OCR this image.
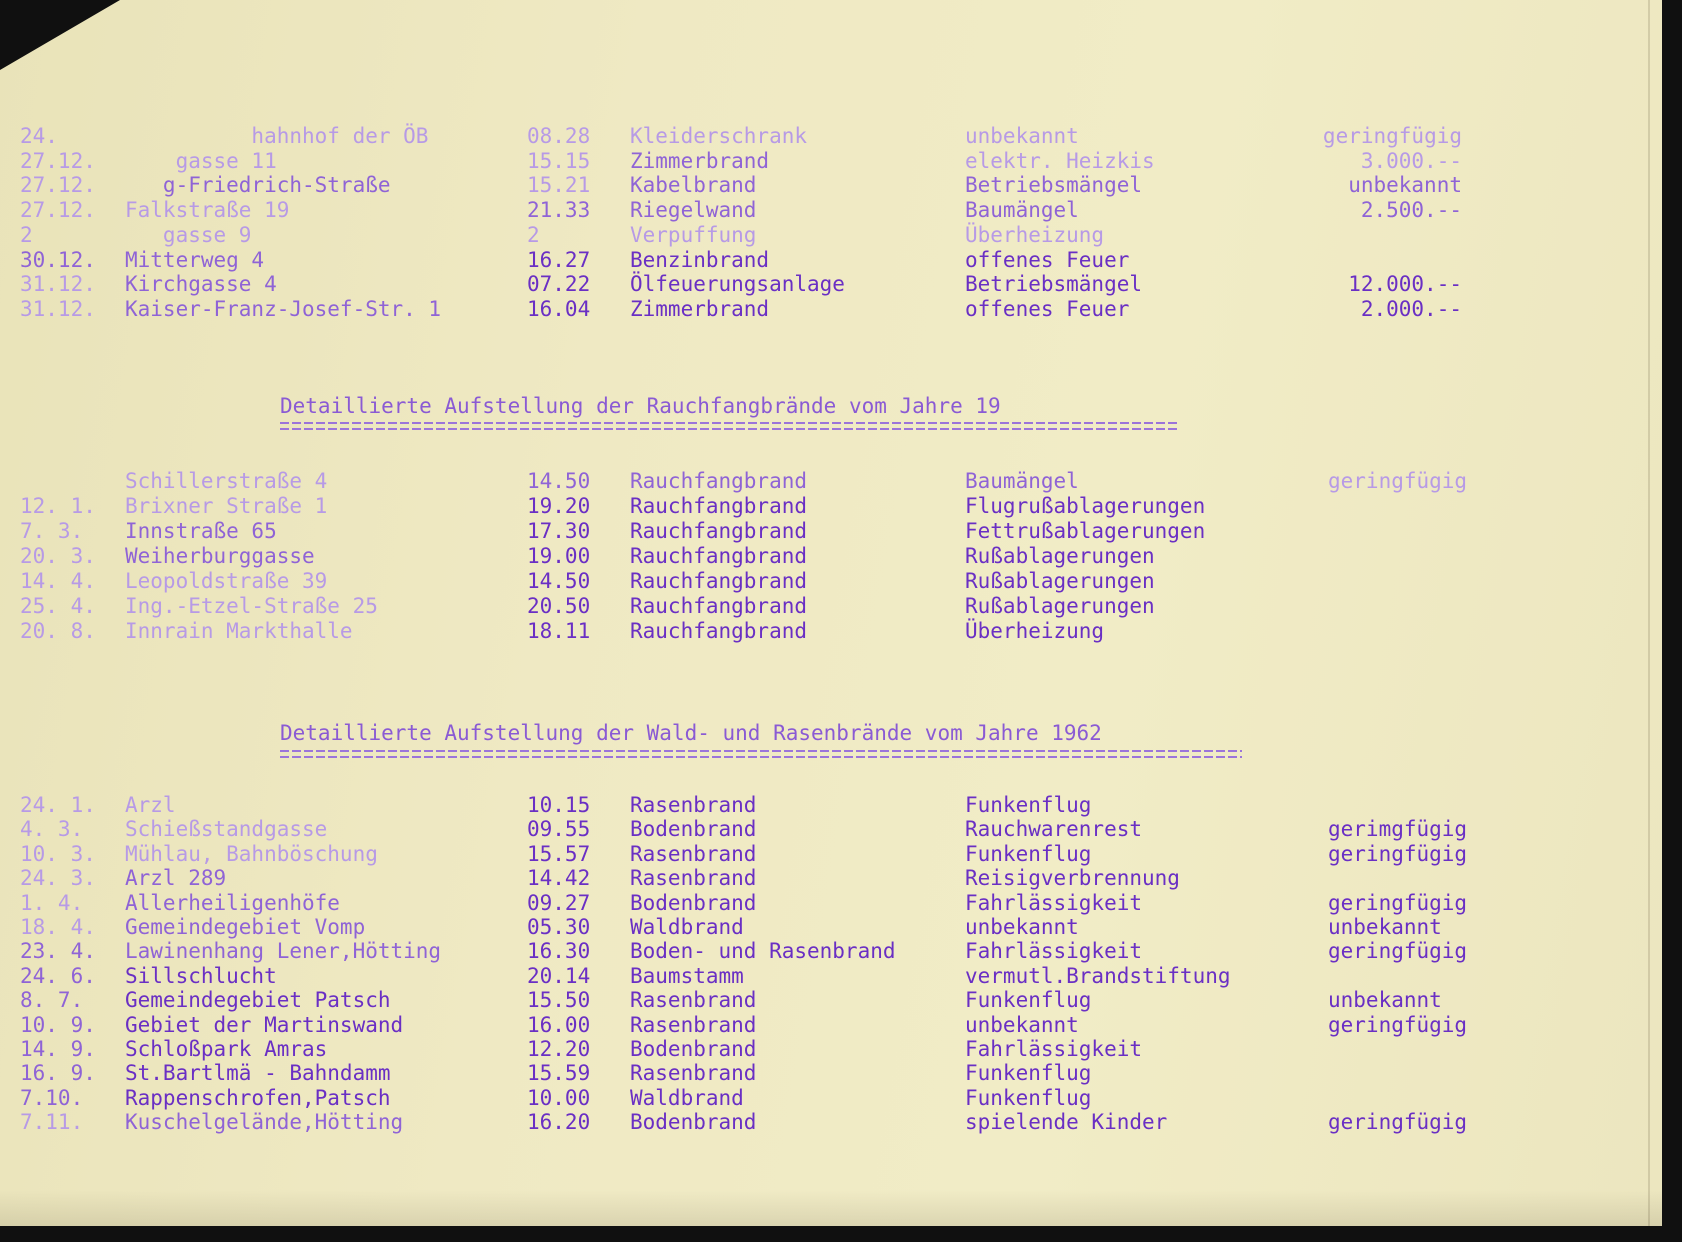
24.	hahnhof der ÖB	08.28 Kleiderschrank	unbekannt	geringfügig
27.12. gasse 11	15.15 Zimmerbrand	elektr. Heizkis	3.000.--
27.12. g-Friedrich-Straße	15.21 Kabelbrand	Betriebsmängel	unbekannt
27.12. Falkstraße 19	21.33 Riegelwand	Baumängel	2.500.--
2	gasse 9	2	Verpuffung	Überheizung
30.12. Mitterweg 4	16.27 Benzinbrand	offenes Feuer
31.12. Kirchgasse 4	07.22 Ölfeuerungsanlage	Betriebsmängel	12.000.--
31.12. Kaiser-Franz-Josef-Str. 1	16.04 Zimmerbrand	offenes Feuer	2.000.--
Detaillierte Aufstellung der Rauchfangbrände vom Jahre 19
Schillerstraße 4	14.50 Rauchfangbrand	Baumängel	geringfügig
12. 1. Brixner Straße 1	19.20 Rauchfangbrand	Flugrußablagerungen
7. 3. Innstraße 65	17.30 Rauchfangbrand	Fettrußablagerungen
20. 3. Weiherburggasse	19.00 Rauchfangbrand	Rußablagerungen
14. 4. Leopoldstraße 39	14.50 Rauchfangbrand	Rußablagerungen
25. 4. Ing.-Etzel-Straße 25	20.50 Rauchfangbrand	Rußablagerungen
20. 8. Innrain Markthalle	18.11 Rauchfangbrand	Überheizung
Detaillierte Aufstellung der Wald- und Rasenbrände vom Jahre 1962
24. 1. Arzl	10.15 Rasenbrand	Funkenflug
4. 3. Schießstandgasse	09.55 Bodenbrand	Rauchwarenrest	gerimgfügig
10. 3. Mühlau, Bahnböschung	15.57 Rasenbrand	Funkenflug	geringfügig
24. 3. Arzl 289	14.42 Rasenbrand	Reisigverbrennung
1. 4. Allerheiligenhöfe	09.27 Bodenbrand	Fahrlässigkeit	geringfügig
18. 4. Gemeindegebiet Vomp	05.30 Waldbrand	unbekannt	unbekannt
23. 4. Lawinenhang Lener,Hötting	16.30 Boden- und Rasenbrand	Fahrlässigkeit	geringfügig
24. 6. Sillschlucht	20.14 Baumstamm	vermutl.Brandstiftung
8. 7. Gemeindegebiet Patsch	15.50 Rasenbrand	Funkenflug	unbekannt
10. 9. Gebiet der Martinswand	16.00 Rasenbrand	unbekannt	geringfügig
14. 9. Schloßpark Amras	12.20 Bodenbrand	Fahrlässigkeit
16. 9. St.Bartlmä - Bahndamm	15.59 Rasenbrand	Funkenflug
7.10. Rappenschrofen,Patsch	10.00 Waldbrand	Funkenflug
7.11. Kuschelgelände,Hötting	16.20 Bodenbrand	spielende Kinder	geringfügig
